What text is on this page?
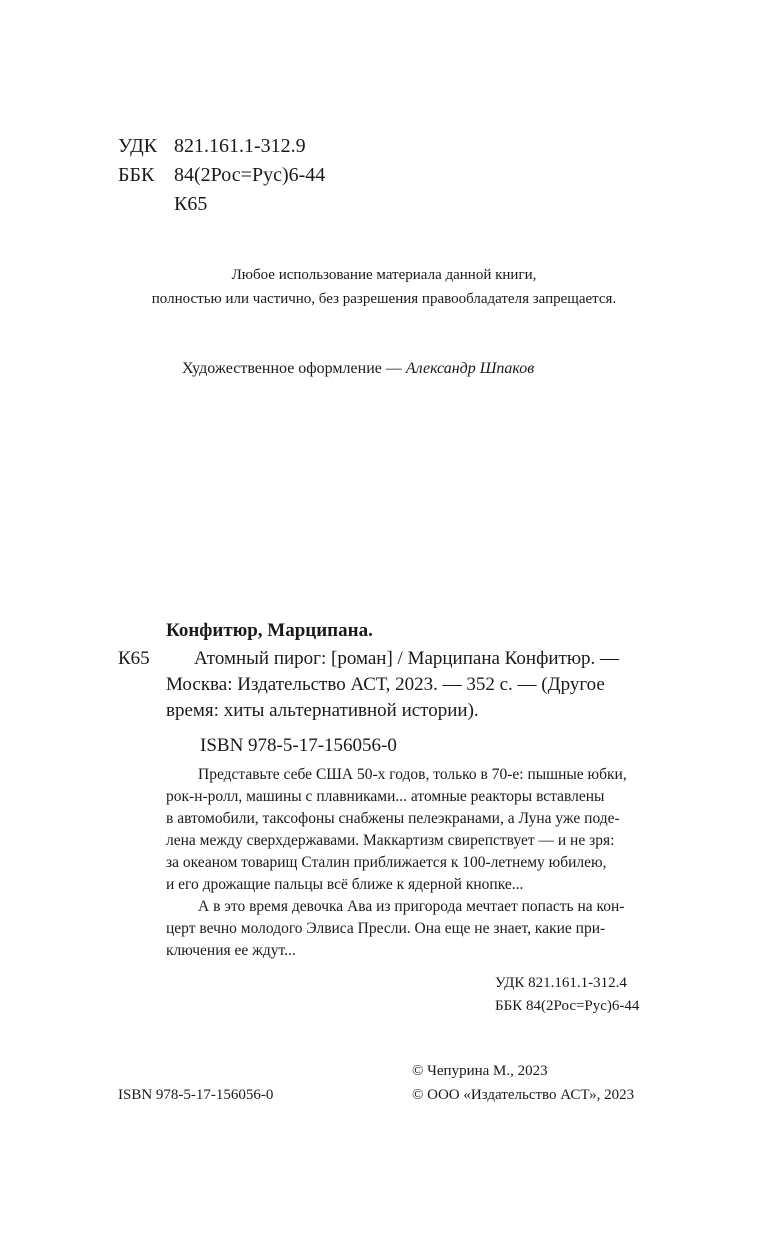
УДК 821.161.1-312.9
ББК 84(2Рос=Рус)6-44
К65
Любое использование материала данной книги,
полностью или частично, без разрешения правообладателя запрещается.
Художественное оформление — Александр Шпаков
Конфитюр, Марципана.
К65	Атомный пирог: [роман] / Марципана Конфитюр. —
Москва: Издательство АСТ, 2023. — 352 с. — (Другое
время: хиты альтернативной истории).
ISBN 978-5-17-156056-0
Представьте себе США 50-х годов, только в 70-е: пышные юбки,
рок-н-ролл, машины с плавниками... атомные реакторы вставлены
в автомобили, таксофоны снабжены пелеэкранами, а Луна уже поде-
лена между сверхдержавами. Маккартизм свирепствует — и не зря:
за океаном товарищ Сталин приближается к 100-летнему юбилею,
и его дрожащие пальцы всё ближе к ядерной кнопке...
А в это время девочка Ава из пригорода мечтает попасть на кон-
церт вечно молодого Элвиса Пресли. Она еще не знает, какие при-
ключения ее ждут...
УДК 821.161.1-312.4
ББК 84(2Рос=Рус)6-44
© Чепурина М., 2023
ISBN 978-5-17-156056-0	© ООО «Издательство АСТ», 2023
